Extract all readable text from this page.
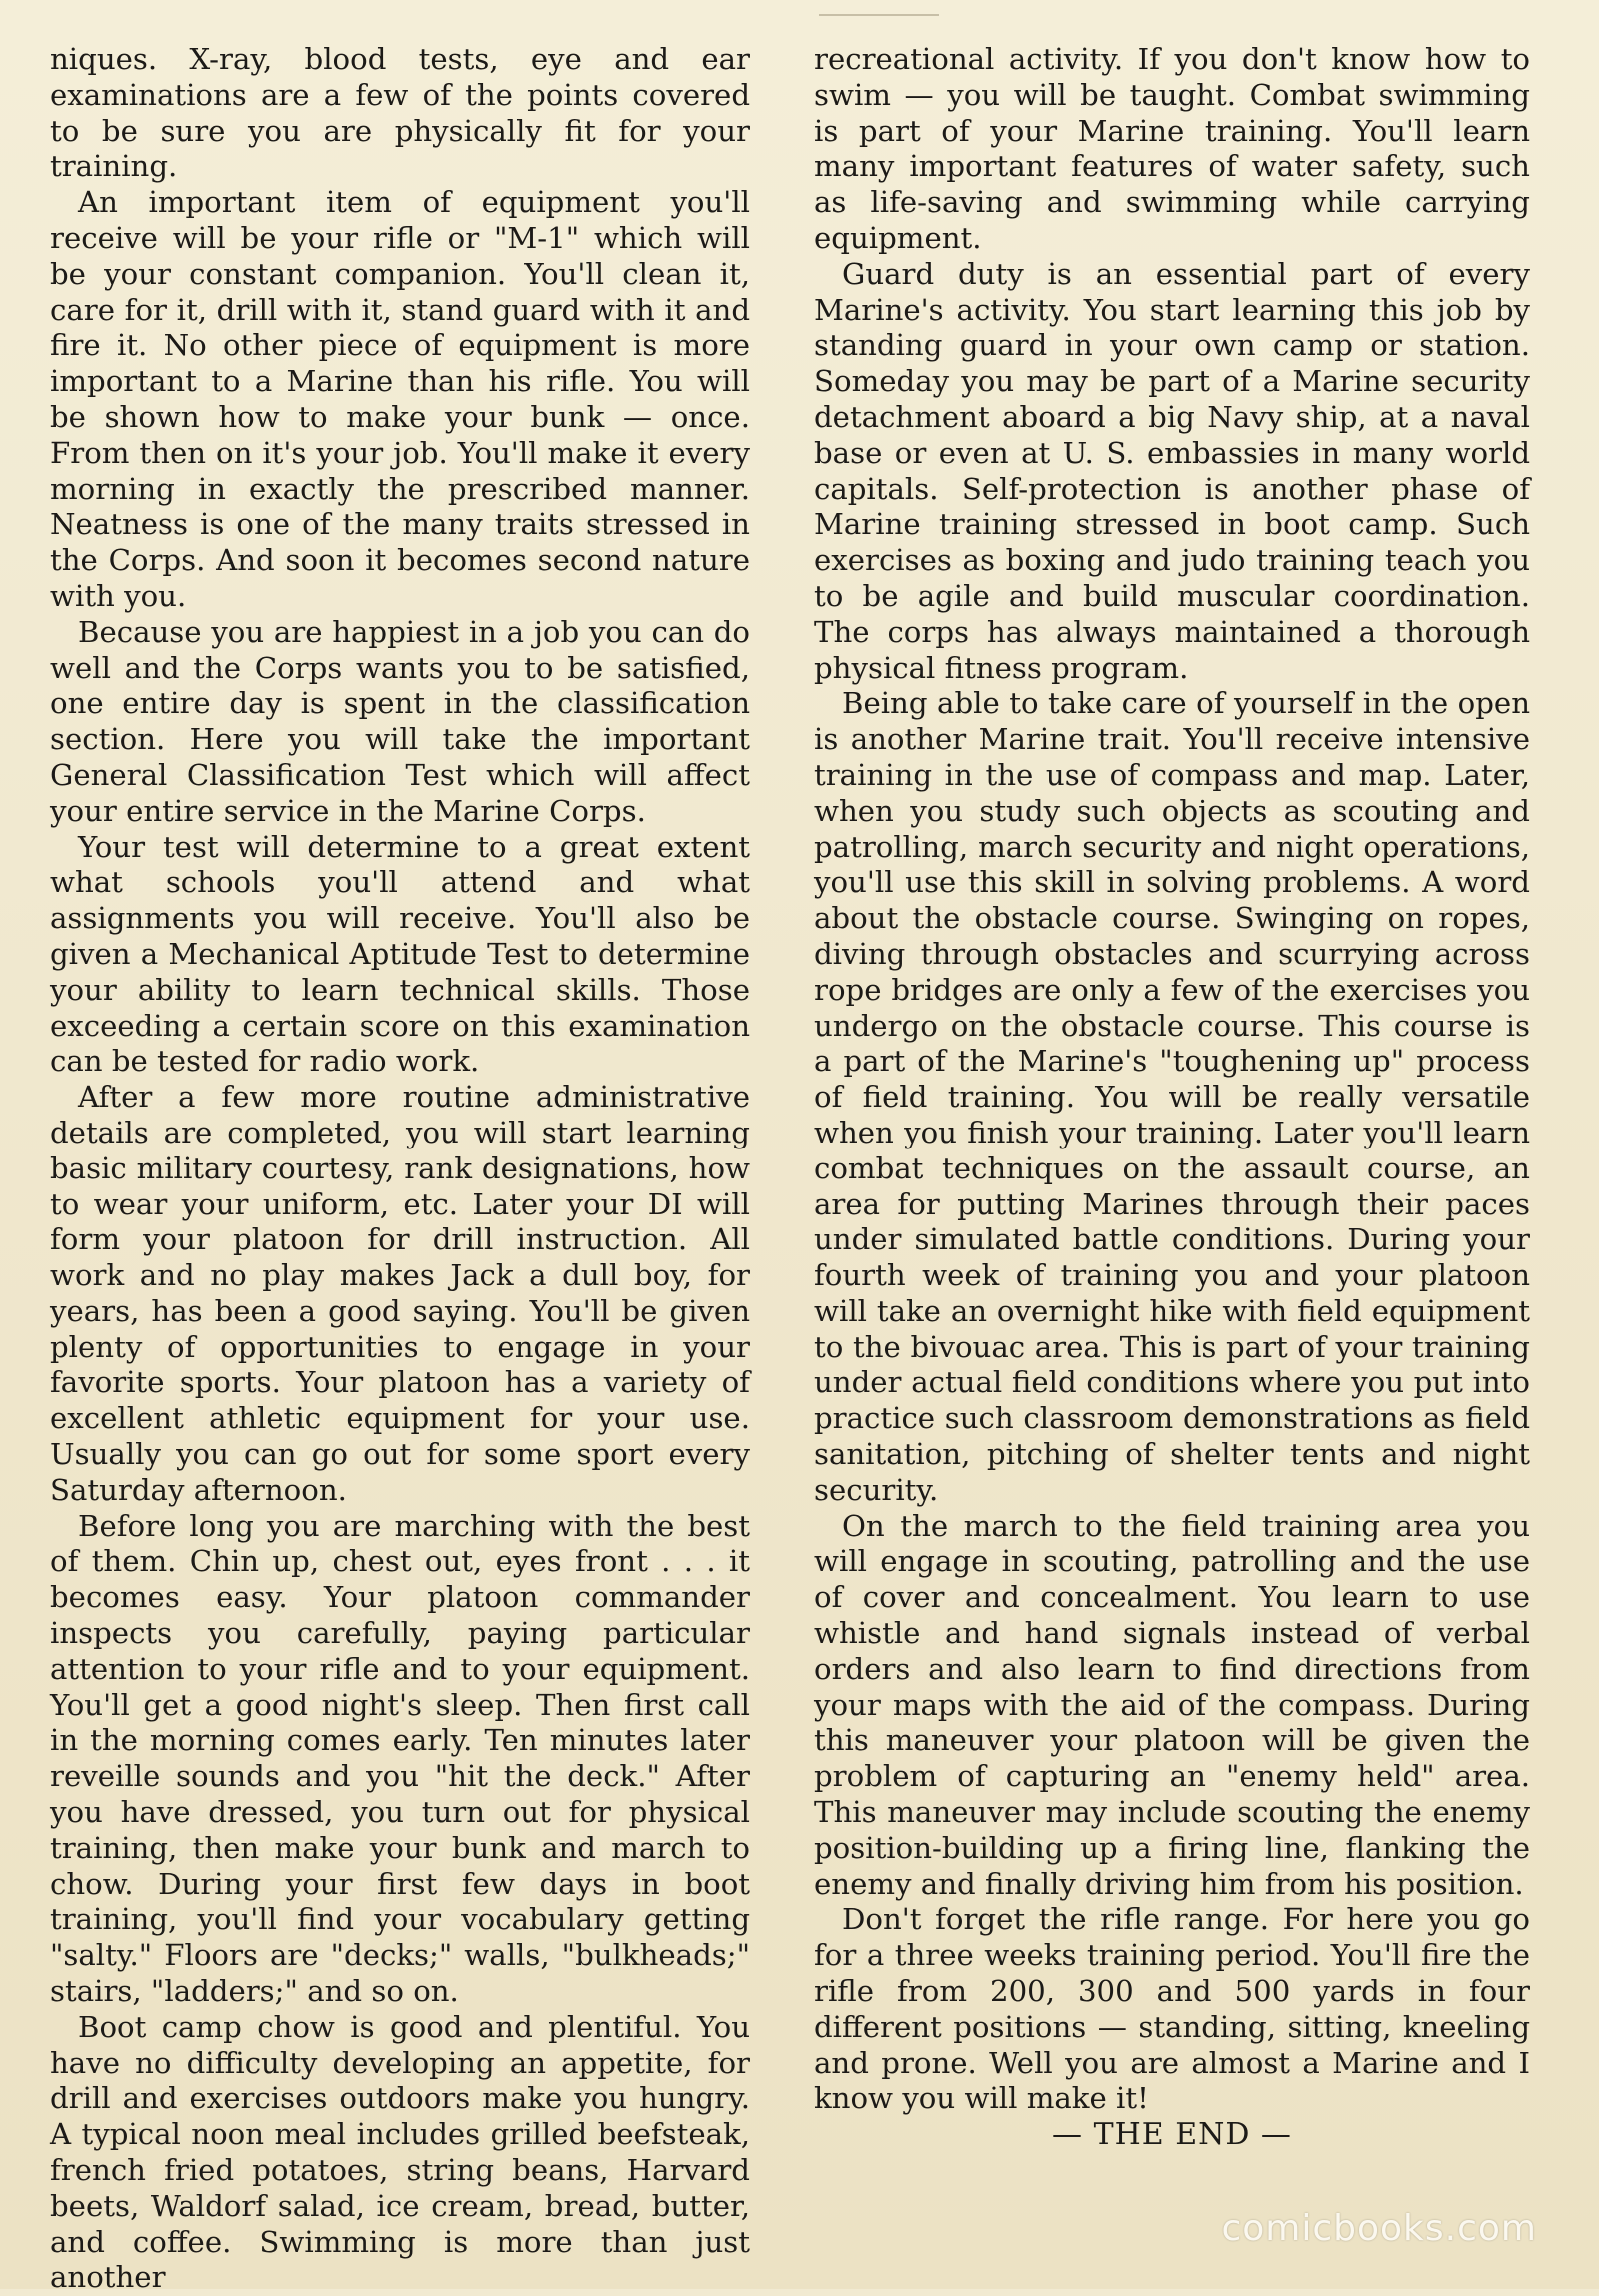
niques. X-ray, blood tests, eye and ear examinations are a few of the points covered to be sure you are physically fit for your training.

An important item of equipment you'll receive will be your rifle or "M-1" which will be your constant companion. You'll clean it, care for it, drill with it, stand guard with it and fire it. No other piece of equipment is more important to a Marine than his rifle. You will be shown how to make your bunk — once. From then on it's your job. You'll make it every morning in exactly the prescribed manner. Neatness is one of the many traits stressed in the Corps. And soon it becomes second nature with you.

Because you are happiest in a job you can do well and the Corps wants you to be satisfied, one entire day is spent in the classification section. Here you will take the important General Classification Test which will affect your entire service in the Marine Corps.

Your test will determine to a great extent what schools you'll attend and what assignments you will receive. You'll also be given a Mechanical Aptitude Test to determine your ability to learn technical skills. Those exceeding a certain score on this examination can be tested for radio work.

After a few more routine administrative details are completed, you will start learning basic military courtesy, rank designations, how to wear your uniform, etc. Later your DI will form your platoon for drill instruction. All work and no play makes Jack a dull boy, for years, has been a good saying. You'll be given plenty of opportunities to engage in your favorite sports. Your platoon has a variety of excellent athletic equipment for your use. Usually you can go out for some sport every Saturday afternoon.

Before long you are marching with the best of them. Chin up, chest out, eyes front . . . it becomes easy. Your platoon commander inspects you carefully, paying particular attention to your rifle and to your equipment. You'll get a good night's sleep. Then first call in the morning comes early. Ten minutes later reveille sounds and you "hit the deck." After you have dressed, you turn out for physical training, then make your bunk and march to chow. During your first few days in boot training, you'll find your vocabulary getting "salty." Floors are "decks;" walls, "bulkheads;" stairs, "ladders;" and so on.

Boot camp chow is good and plentiful. You have no difficulty developing an appetite, for drill and exercises outdoors make you hungry. A typical noon meal includes grilled beefsteak, french fried potatoes, string beans, Harvard beets, Waldorf salad, ice cream, bread, butter, and coffee. Swimming is more than just another

recreational activity. If you don't know how to swim — you will be taught. Combat swimming is part of your Marine training. You'll learn many important features of water safety, such as life-saving and swimming while carrying equipment.

Guard duty is an essential part of every Marine's activity. You start learning this job by standing guard in your own camp or station. Someday you may be part of a Marine security detachment aboard a big Navy ship, at a naval base or even at U. S. embassies in many world capitals. Self-protection is another phase of Marine training stressed in boot camp. Such exercises as boxing and judo training teach you to be agile and build muscular coordination. The corps has always maintained a thorough physical fitness program.

Being able to take care of yourself in the open is another Marine trait. You'll receive intensive training in the use of compass and map. Later, when you study such objects as scouting and patrolling, march security and night operations, you'll use this skill in solving problems. A word about the obstacle course. Swinging on ropes, diving through obstacles and scurrying across rope bridges are only a few of the exercises you undergo on the obstacle course. This course is a part of the Marine's "toughening up" process of field training. You will be really versatile when you finish your training. Later you'll learn combat techniques on the assault course, an area for putting Marines through their paces under simulated battle conditions. During your fourth week of training you and your platoon will take an overnight hike with field equipment to the bivouac area. This is part of your training under actual field conditions where you put into practice such classroom demonstrations as field sanitation, pitching of shelter tents and night security.

On the march to the field training area you will engage in scouting, patrolling and the use of cover and concealment. You learn to use whistle and hand signals instead of verbal orders and also learn to find directions from your maps with the aid of the compass. During this maneuver your platoon will be given the problem of capturing an "enemy held" area. This maneuver may include scouting the enemy position-building up a firing line, flanking the enemy and finally driving him from his position.

Don't forget the rifle range. For here you go for a three weeks training period. You'll fire the rifle from 200, 300 and 500 yards in four different positions — standing, sitting, kneeling and prone. Well you are almost a Marine and I know you will make it!

— THE END —

comicbooks.com
